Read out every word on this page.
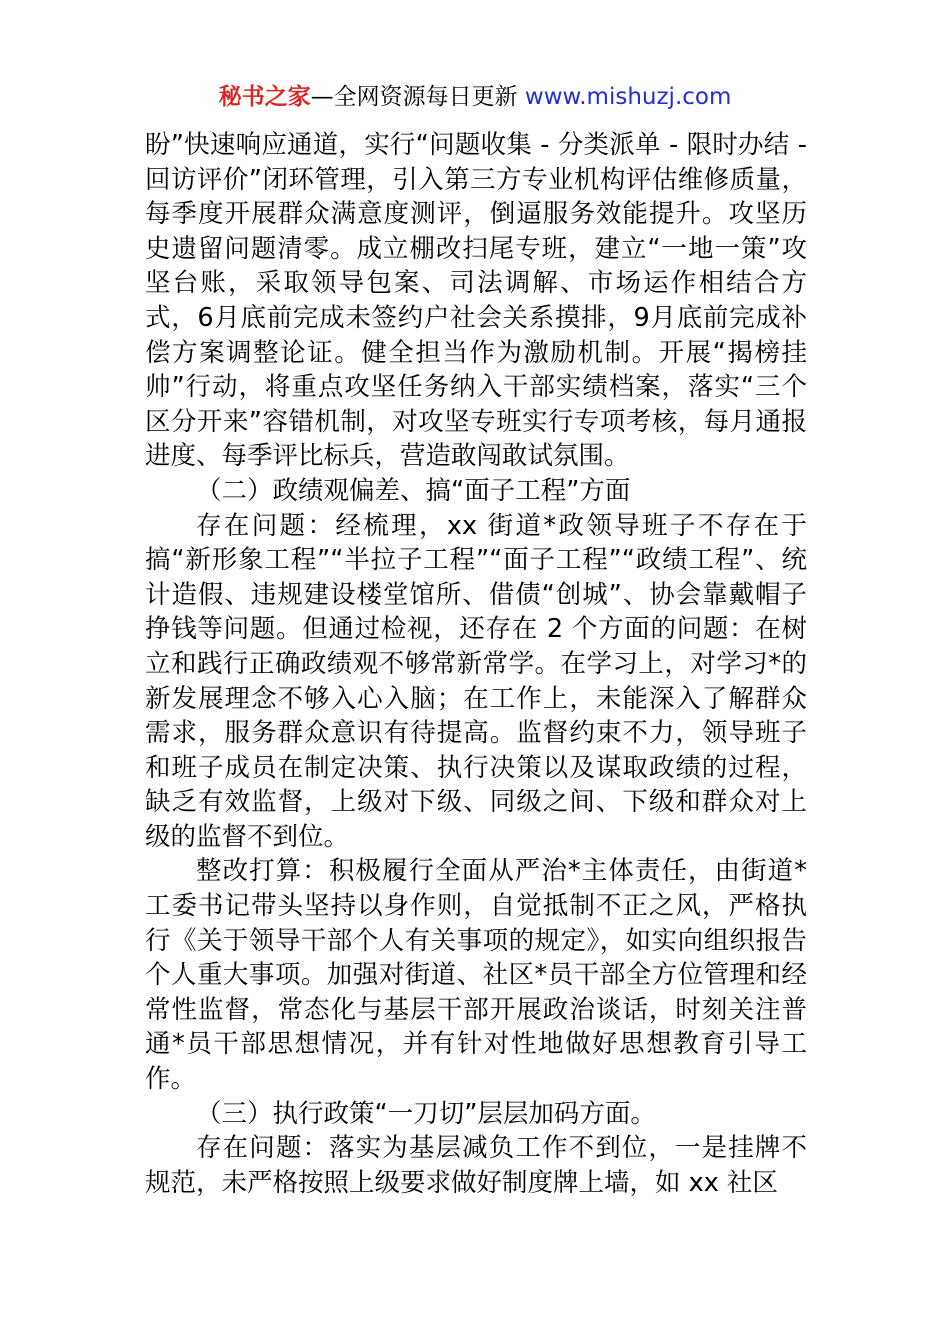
秘书之家—全网资源每日更新 www.mishuzj.com

盼”快速响应通道，实行“问题收集 - 分类派单 - 限时办结 - 回访评价”闭环管理，引入第三方专业机构评估维修质量，每季度开展群众满意度测评，倒逼服务效能提升。攻坚历史遗留问题清零。成立棚改扫尾专班，建立“一地一策”攻坚台账，采取领导包案、司法调解、市场运作相结合方式，6月底前完成未签约户社会关系摸排，9月底前完成补偿方案调整论证。健全担当作为激励机制。开展“揭榜挂帅”行动，将重点攻坚任务纳入干部实绩档案，落实“三个区分开来”容错机制，对攻坚专班实行专项考核，每月通报进度、每季评比标兵，营造敢闯敢试氛围。

（二）政绩观偏差、搞“面子工程”方面

存在问题：经梳理，xx 街道*政领导班子不存在于搞“新形象工程”“半拉子工程”“面子工程”“政绩工程”、统计造假、违规建设楼堂馆所、借债“创城”、协会靠戴帽子挣钱等问题。但通过检视，还存在 2 个方面的问题：在树立和践行正确政绩观不够常新常学。在学习上，对学习*的新发展理念不够入心入脑；在工作上，未能深入了解群众需求，服务群众意识有待提高。监督约束不力，领导班子和班子成员在制定决策、执行决策以及谋取政绩的过程，缺乏有效监督，上级对下级、同级之间、下级和群众对上级的监督不到位。

整改打算：积极履行全面从严治*主体责任，由街道*工委书记带头坚持以身作则，自觉抵制不正之风，严格执行《关于领导干部个人有关事项的规定》，如实向组织报告个人重大事项。加强对街道、社区*员干部全方位管理和经常性监督，常态化与基层干部开展政治谈话，时刻关注普通*员干部思想情况，并有针对性地做好思想教育引导工作。

（三）执行政策“一刀切”层层加码方面。

存在问题：落实为基层减负工作不到位，一是挂牌不规范，未严格按照上级要求做好制度牌上墙，如 xx 社区
